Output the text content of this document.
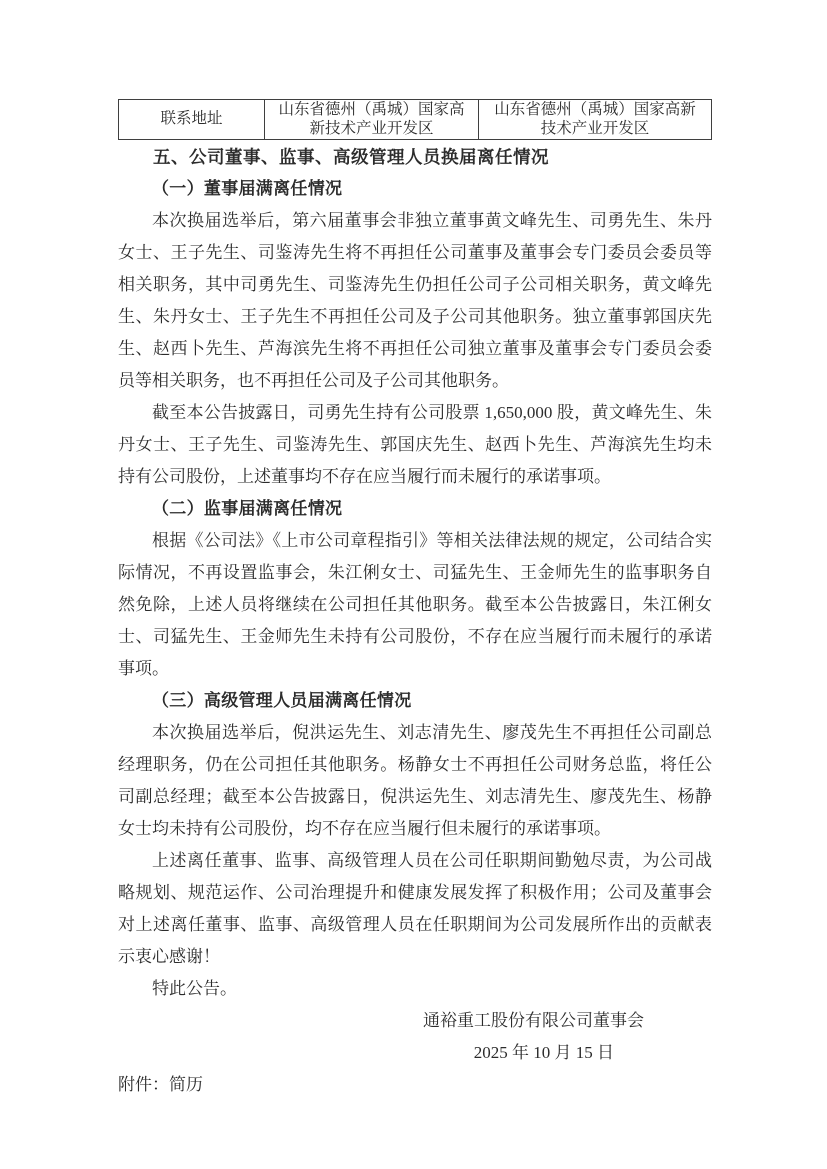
联系地址	山东省德州（禹城）国家高新技术产业开发区	山东省德州（禹城）国家高新技术产业开发区
五、公司董事、监事、高级管理人员换届离任情况
（一）董事届满离任情况

本次换届选举后，第六届董事会非独立董事黄文峰先生、司勇先生、朱丹女士、王子先生、司鉴涛先生将不再担任公司董事及董事会专门委员会委员等相关职务，其中司勇先生、司鉴涛先生仍担任公司子公司相关职务，黄文峰先生、朱丹女士、王子先生不再担任公司及子公司其他职务。独立董事郭国庆先生、赵西卜先生、芦海滨先生将不再担任公司独立董事及董事会专门委员会委员等相关职务，也不再担任公司及子公司其他职务。

截至本公告披露日，司勇先生持有公司股票 1,650,000 股，黄文峰先生、朱丹女士、王子先生、司鉴涛先生、郭国庆先生、赵西卜先生、芦海滨先生均未持有公司股份，上述董事均不存在应当履行而未履行的承诺事项。

（二）监事届满离任情况

根据《公司法》《上市公司章程指引》等相关法律法规的规定，公司结合实际情况，不再设置监事会，朱江俐女士、司猛先生、王金师先生的监事职务自然免除，上述人员将继续在公司担任其他职务。截至本公告披露日，朱江俐女士、司猛先生、王金师先生未持有公司股份，不存在应当履行而未履行的承诺事项。

（三）高级管理人员届满离任情况

本次换届选举后，倪洪运先生、刘志清先生、廖茂先生不再担任公司副总经理职务，仍在公司担任其他职务。杨静女士不再担任公司财务总监，将任公司副总经理；截至本公告披露日，倪洪运先生、刘志清先生、廖茂先生、杨静女士均未持有公司股份，均不存在应当履行但未履行的承诺事项。

上述离任董事、监事、高级管理人员在公司任职期间勤勉尽责，为公司战略规划、规范运作、公司治理提升和健康发展发挥了积极作用；公司及董事会对上述离任董事、监事、高级管理人员在任职期间为公司发展所作出的贡献表示衷心感谢！

特此公告。

通裕重工股份有限公司董事会

2025 年 10 月 15 日

附件：简历
